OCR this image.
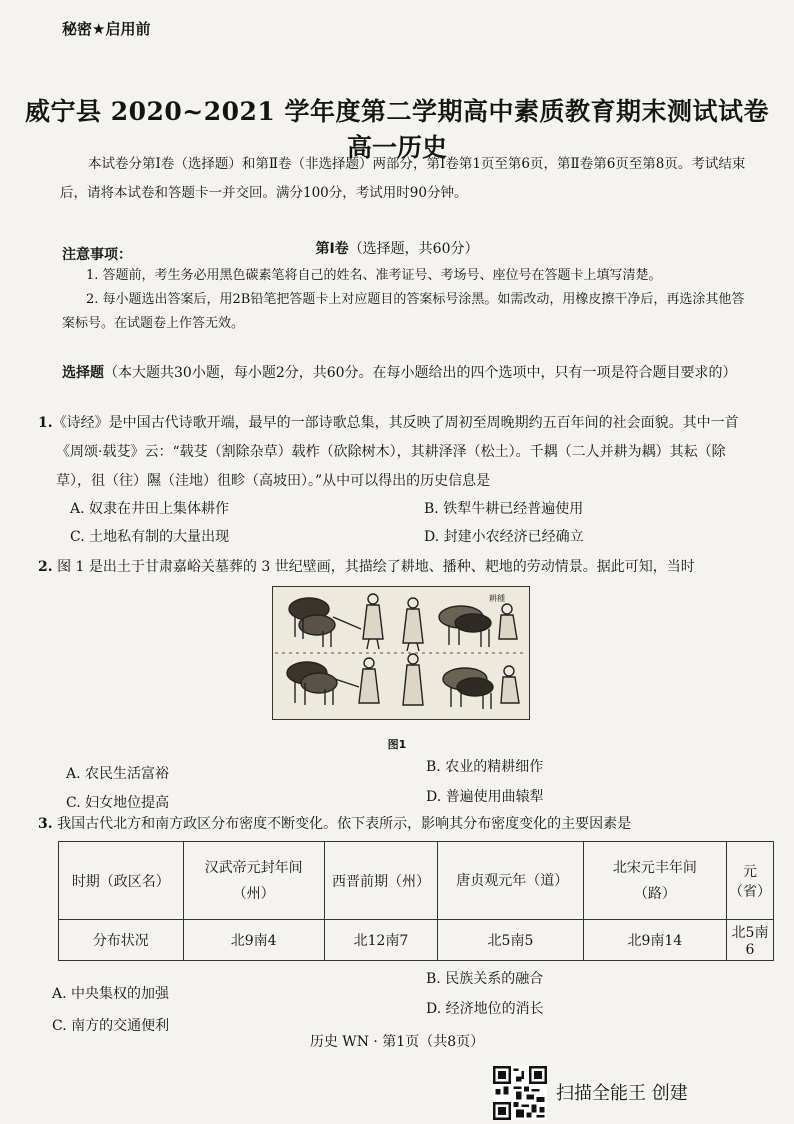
秘密★启用前
威宁县 2020~2021 学年度第二学期高中素质教育期末测试试卷
高一历史
本试卷分第Ⅰ卷（选择题）和第Ⅱ卷（非选择题）两部分，第Ⅰ卷第1页至第6页，第Ⅱ卷第6页至第8页。考试结束后，请将本试卷和答题卡一并交回。满分100分，考试用时90分钟。
注意事项：	第Ⅰ卷（选择题，共60分）
1. 答题前，考生务必用黑色碳素笔将自己的姓名、准考证号、考场号、座位号在答题卡上填写清楚。
2. 每小题选出答案后，用2B铅笔把答题卡上对应题目的答案标号涂黑。如需改动，用橡皮擦干净后，再选涂其他答案标号。在试题卷上作答无效。
选择题（本大题共30小题，每小题2分，共60分。在每小题给出的四个选项中，只有一项是符合题目要求的）
1.《诗经》是中国古代诗歌开端，最早的一部诗歌总集，其反映了周初至周晚期约五百年间的社会面貌。其中一首《周颂·载芟》云：“载芟（割除杂草）载柞（砍除树木），其耕泽泽（松土）。千耦（二人并耕为耦）其耘（除草），徂（往）隰（洼地）徂畛（高坡田）。”从中可以得出的历史信息是
A. 奴隶在井田上集体耕作	B. 铁犁牛耕已经普遍使用
C. 土地私有制的大量出现	D. 封建小农经济已经确立
2. 图 1 是出土于甘肃嘉峪关墓葬的 3 世纪壁画，其描绘了耕地、播种、耙地的劳动情景。据此可知，当时
耕種
图1
A. 农民生活富裕	B. 农业的精耕细作
C. 妇女地位提高	D. 普遍使用曲辕犁
3. 我国古代北方和南方政区分布密度不断变化。依下表所示，影响其分布密度变化的主要因素是
时期（政区名）	汉武帝元封年间（州）	西晋前期（州）	唐贞观元年（道）	北宋元丰年间（路）	元（省）
分布状况	北9南4	北12南7	北5南5	北9南14	北5南6
A. 中央集权的加强
B. 民族关系的融合
C. 南方的交通便利
D. 经济地位的消长
历史 WN · 第1页（共8页）
扫描全能王 创建
